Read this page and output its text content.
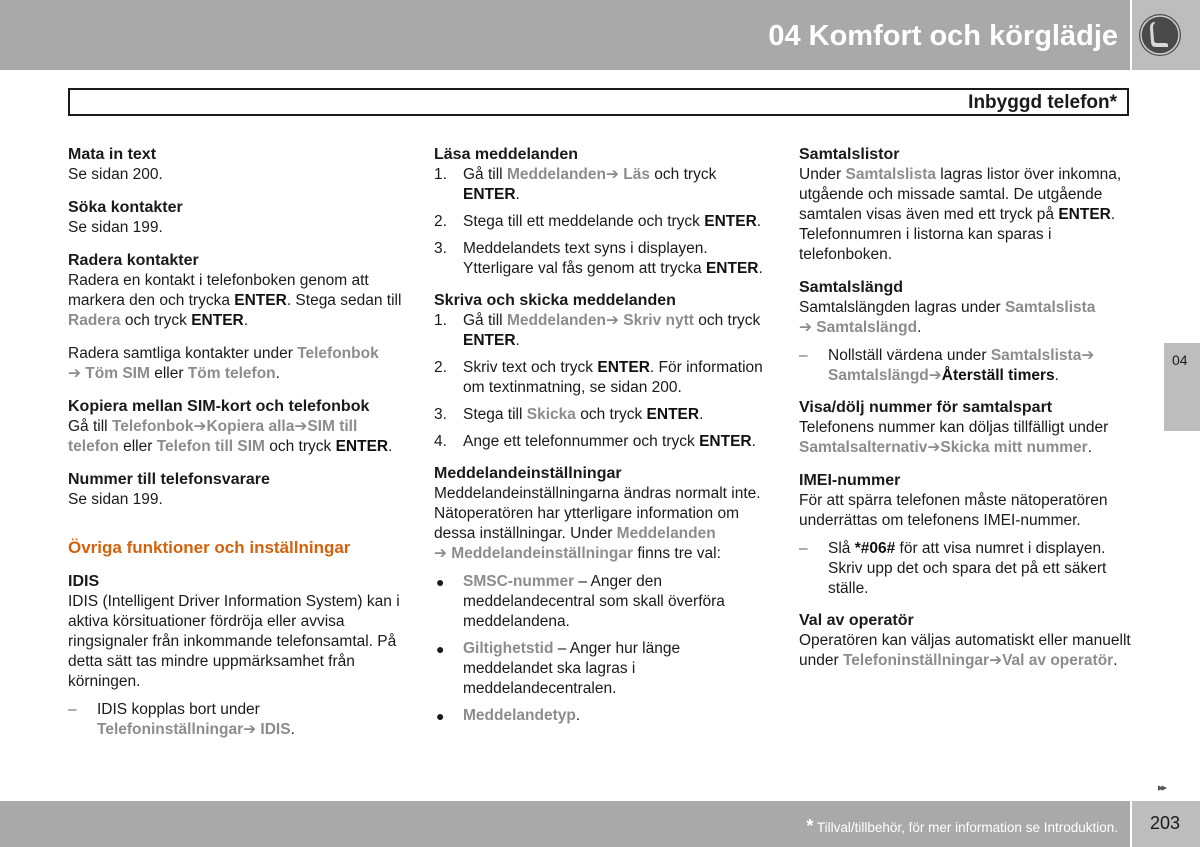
04 Komfort och körglädje
Inbyggd telefon*
04

Mata in text

Se sidan 200.

Söka kontakter

Se sidan 199.

Radera kontakter

Radera en kontakt i telefonboken genom att markera den och trycka ENTER. Stega sedan till Radera och tryck ENTER.

Radera samtliga kontakter under Telefonbok
➔ Töm SIM eller Töm telefon.

Kopiera mellan SIM-kort och telefonbok

Gå till Telefonbok➔Kopiera alla➔SIM till telefon eller Telefon till SIM och tryck ENTER.

Nummer till telefonsvarare

Se sidan 199.

Övriga funktioner och inställningar

IDIS

IDIS (Intelligent Driver Information System) kan i aktiva körsituationer fördröja eller avvisa ringsignaler från inkommande telefonsamtal. På detta sätt tas mindre uppmärksamhet från körningen.

– IDIS kopplas bort under Telefoninställningar➔ IDIS.

Läsa meddelanden

1. Gå till Meddelanden➔ Läs och tryck ENTER.
2. Stega till ett meddelande och tryck ENTER.
3. Meddelandets text syns i displayen. Ytterligare val fås genom att trycka ENTER.

Skriva och skicka meddelanden

1. Gå till Meddelanden➔ Skriv nytt och tryck ENTER.
2. Skriv text och tryck ENTER. För information om textinmatning, se sidan 200.
3. Stega till Skicka och tryck ENTER.
4. Ange ett telefonnummer och tryck ENTER.

Meddelandeinställningar

Meddelandeinställningarna ändras normalt inte. Nätoperatören har ytterligare information om dessa inställningar. Under Meddelanden
➔ Meddelandeinställningar finns tre val:

● SMSC-nummer – Anger den meddelandecentral som skall överföra meddelandena.
● Giltighetstid – Anger hur länge meddelandet ska lagras i meddelandecentralen.
● Meddelandetyp.

Samtalslistor

Under Samtalslista lagras listor över inkomna, utgående och missade samtal. De utgående samtalen visas även med ett tryck på ENTER. Telefonnumren i listorna kan sparas i telefonboken.

Samtalslängd

Samtalslängden lagras under Samtalslista
➔ Samtalslängd.

– Nollställ värdena under Samtalslista➔
Samtalslängd➔Återställ timers.

Visa/dölj nummer för samtalspart

Telefonens nummer kan döljas tillfälligt under
Samtalsalternativ➔Skicka mitt nummer.

IMEI-nummer

För att spärra telefonen måste nätoperatören underrättas om telefonens IMEI-nummer.

– Slå *#06# för att visa numret i displayen. Skriv upp det och spara det på ett säkert ställe.

Val av operatör

Operatören kan väljas automatiskt eller manuellt under Telefoninställningar➔Val av operatör.

▸▸
* Tillval/tillbehör, för mer information se Introduktion. 203
